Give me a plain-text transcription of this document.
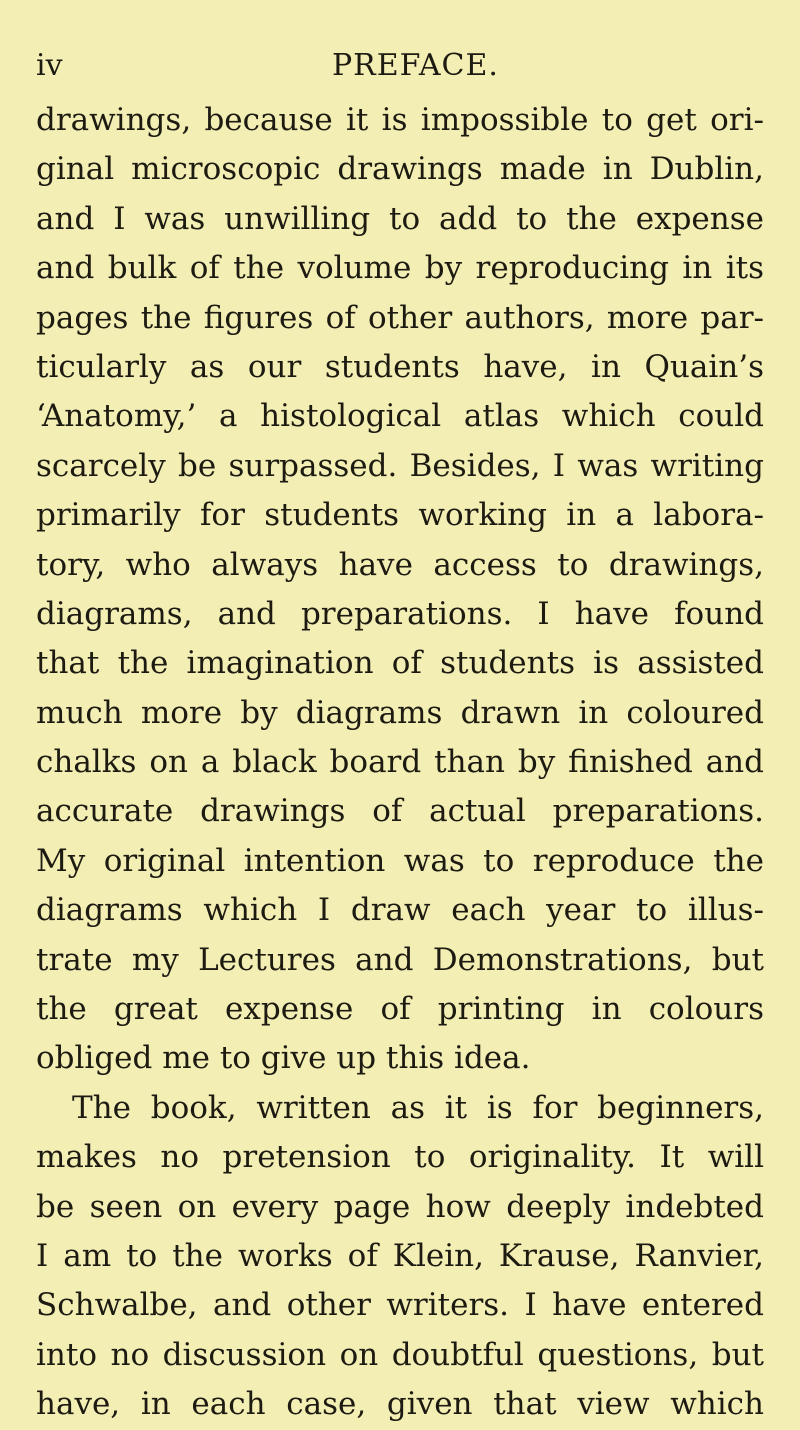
iv	PREFACE.
drawings, because it is impossible to get ori-
ginal microscopic drawings made in Dublin,
and I was unwilling to add to the expense
and bulk of the volume by reproducing in its
pages the figures of other authors, more par-
ticularly as our students have, in Quain’s
‘Anatomy,’ a histological atlas which could
scarcely be surpassed. Besides, I was writing
primarily for students working in a labora-
tory, who always have access to drawings,
diagrams, and preparations. I have found
that the imagination of students is assisted
much more by diagrams drawn in coloured
chalks on a black board than by finished and
accurate drawings of actual preparations.
My original intention was to reproduce the
diagrams which I draw each year to illus-
trate my Lectures and Demonstrations, but
the great expense of printing in colours
obliged me to give up this idea.
The book, written as it is for beginners,
makes no pretension to originality. It will
be seen on every page how deeply indebted
I am to the works of Klein, Krause, Ranvier,
Schwalbe, and other writers. I have entered
into no discussion on doubtful questions, but
have, in each case, given that view which
